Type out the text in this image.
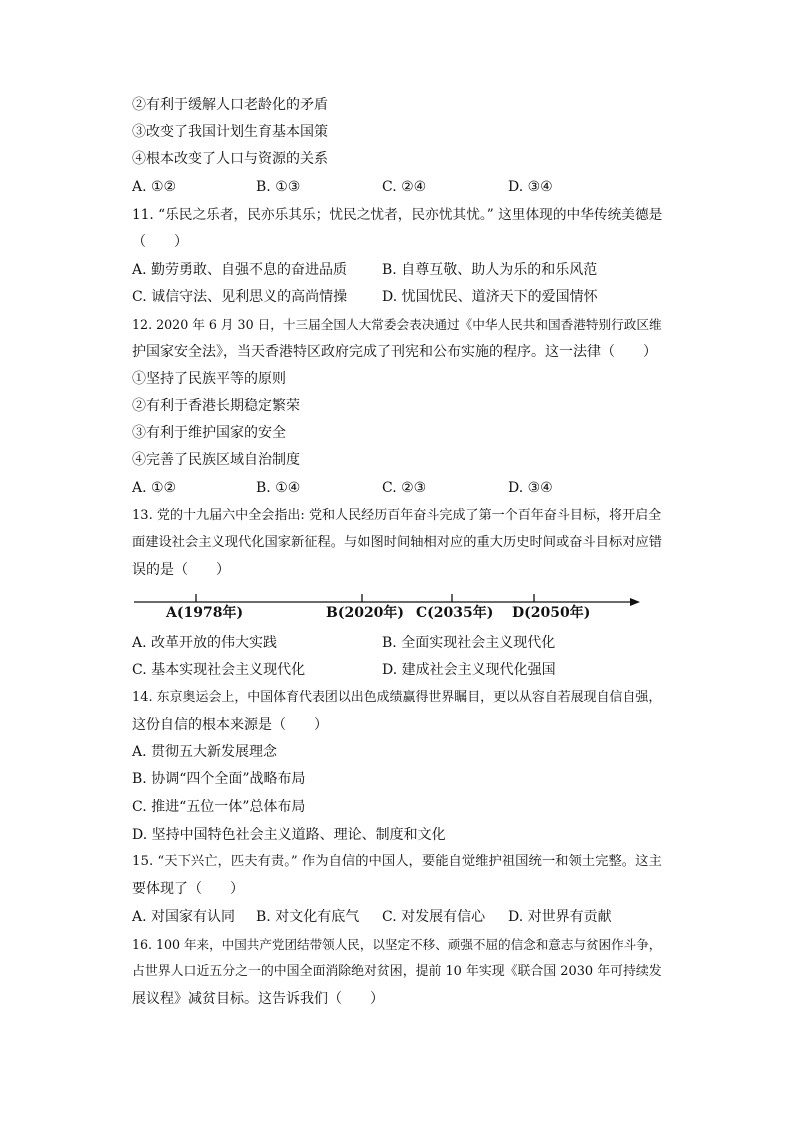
②有利于缓解人口老龄化的矛盾
③改变了我国计划生育基本国策
④根本改变了人口与资源的关系
A. ①②	B. ①③	C. ②④	D. ③④
11. “乐民之乐者，民亦乐其乐；忧民之忧者，民亦忧其忧。” 这里体现的中华传统美德是
（　　）
A. 勤劳勇敢、自强不息的奋进品质 B. 自尊互敬、助人为乐的和乐风范
C. 诚信守法、见利思义的高尚情操 D. 忧国忧民、道济天下的爱国情怀
12. 2020 年 6 月 30 日，十三届全国人大常委会表决通过《中华人民共和国香港特别行政区维
护国家安全法》，当天香港特区政府完成了刊宪和公布实施的程序。这一法律（　　）
①坚持了民族平等的原则
②有利于香港长期稳定繁荣
③有利于维护国家的安全
④完善了民族区域自治制度
A. ①②	B. ①④	C. ②③	D. ③④
13. 党的十九届六中全会指出: 党和人民经历百年奋斗完成了第一个百年奋斗目标，将开启全
面建设社会主义现代化国家新征程。与如图时间轴相对应的重大历史时间或奋斗目标对应错
误的是（　　）
A(1978年)	B(2020年) C(2035年) D(2050年)
A. 改革开放的伟大实践	B. 全面实现社会主义现代化
C. 基本实现社会主义现代化	D. 建成社会主义现代化强国
14. 东京奥运会上，中国体育代表团以出色成绩赢得世界瞩目，更以从容自若展现自信自强，
这份自信的根本来源是（　　）
A. 贯彻五大新发展理念
B. 协调“四个全面”战略布局
C. 推进“五位一体”总体布局
D. 坚持中国特色社会主义道路、理论、制度和文化
15. “天下兴亡，匹夫有责。” 作为自信的中国人，要能自觉维护祖国统一和领土完整。这主
要体现了（　　）
A. 对国家有认同 B. 对文化有底气 C. 对发展有信心 D. 对世界有贡献
16. 100 年来，中国共产党团结带领人民，以坚定不移、顽强不屈的信念和意志与贫困作斗争，
占世界人口近五分之一的中国全面消除绝对贫困，提前 10 年实现《联合国 2030 年可持续发
展议程》减贫目标。这告诉我们（　　）
